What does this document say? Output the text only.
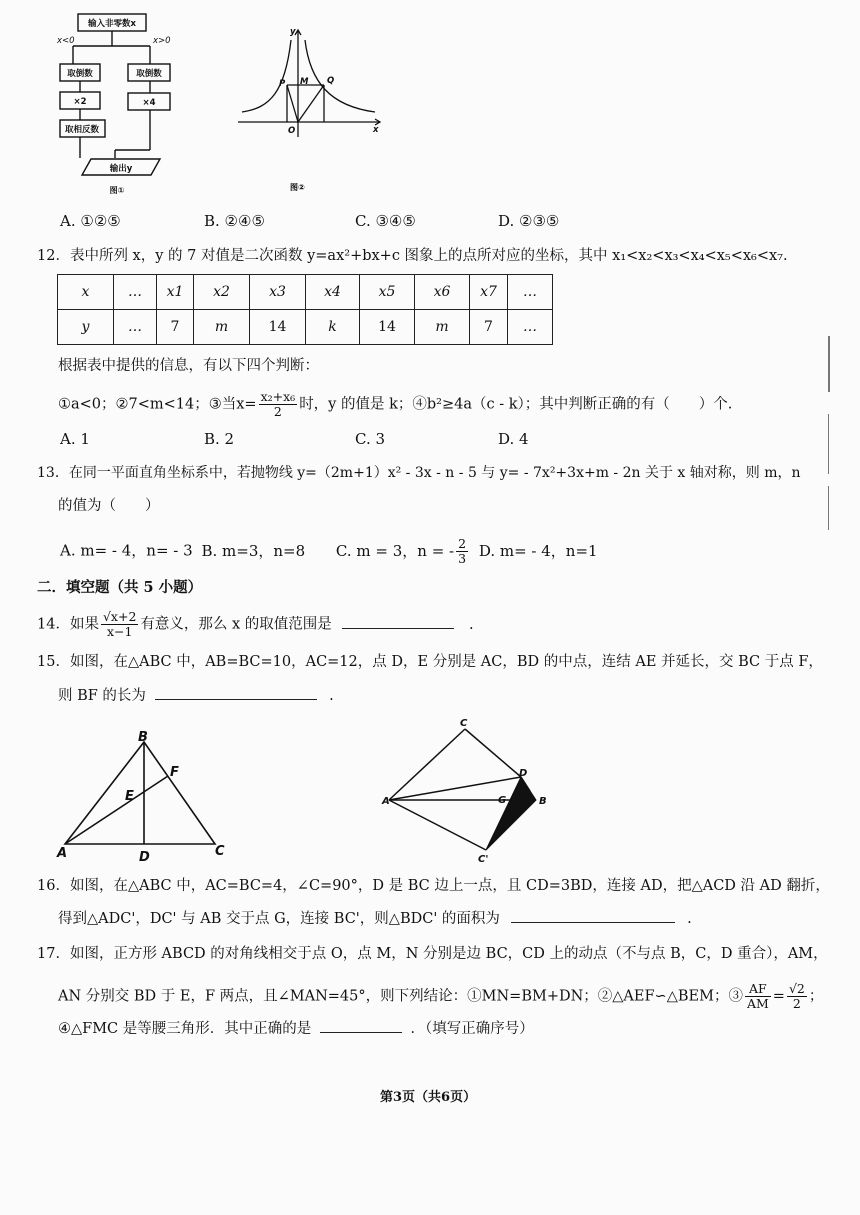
输入非零数x
取倒数
×2
取相反数
取倒数
×4
输出y
图①
x<0	x>0
y
x
O
P M Q
图②
A. ①②⑤	B. ②④⑤	C. ③④⑤	D. ②③⑤
12．表中所列 x，y 的 7 对值是二次函数 y=ax²+bx+c 图象上的点所对应的坐标，其中 x₁<x₂<x₃<x₄<x₅<x₆<x₇.
x	…	x1	x2	x3	x4	x5	x6	x7	…
y	…	7	m	14	k	14	m	7	…
根据表中提供的信息，有以下四个判断：
①a<0；②7<m<14；③当$x= \frac{\text{x₂+x₆}}{2}$ 时，y 的值是 k；④b²≥4a（c - k）；其中判断正确的有（　　）个.
A. 1	B. 2	C. 3	D. 4
13．在同一平面直角坐标系中，若抛物线 y=（2m+1）x² - 3x - n - 5 与 y= - 7x²+3x+m - 2n 关于 x 轴对称，则 m，n
的值为（　　）
A. m= - 4，n= - 3 B. m=3，n=8 C. m = 3，n = - $\frac{2}{3} D$. m= - 4，n=1
二．填空题（共 5 小题）
14．如果 $\frac{√x+2}{x-1}$ 有意义，那么 x 的取值范围是	.
15．如图，在△ABC 中，AB=BC=10，AC=12，点 D，E 分别是 AC，BD 的中点，连结 AE 并延长，交 BC 于点 F，
则 BF 的长为	.
B
F
E
A	D	C
C
D
G
A	B
C'
16．如图，在△ABC 中，AC=BC=4，∠C=90°，D 是 BC 边上一点，且 CD=3BD，连接 AD，把△ACD 沿 AD 翻折，
得到△ADC'，DC' 与 AB 交于点 G，连接 BC'，则△BDC' 的面积为	.
17．如图，正方形 ABCD 的对角线相交于点 O，点 M，N 分别是边 BC，CD 上的动点（不与点 B，C，D 重合），AM，
AN 分别交 BD 于 E，F 两点，且∠MAN=45°，则下列结论：①MN=BM+DN；②△AEF∽△BEM；③ $\frac{AF}{AM} = \frac{√2}{2}$ ；
④△FMC 是等腰三角形．其中正确的是	．（填写正确序号）
第3页（共6页）
